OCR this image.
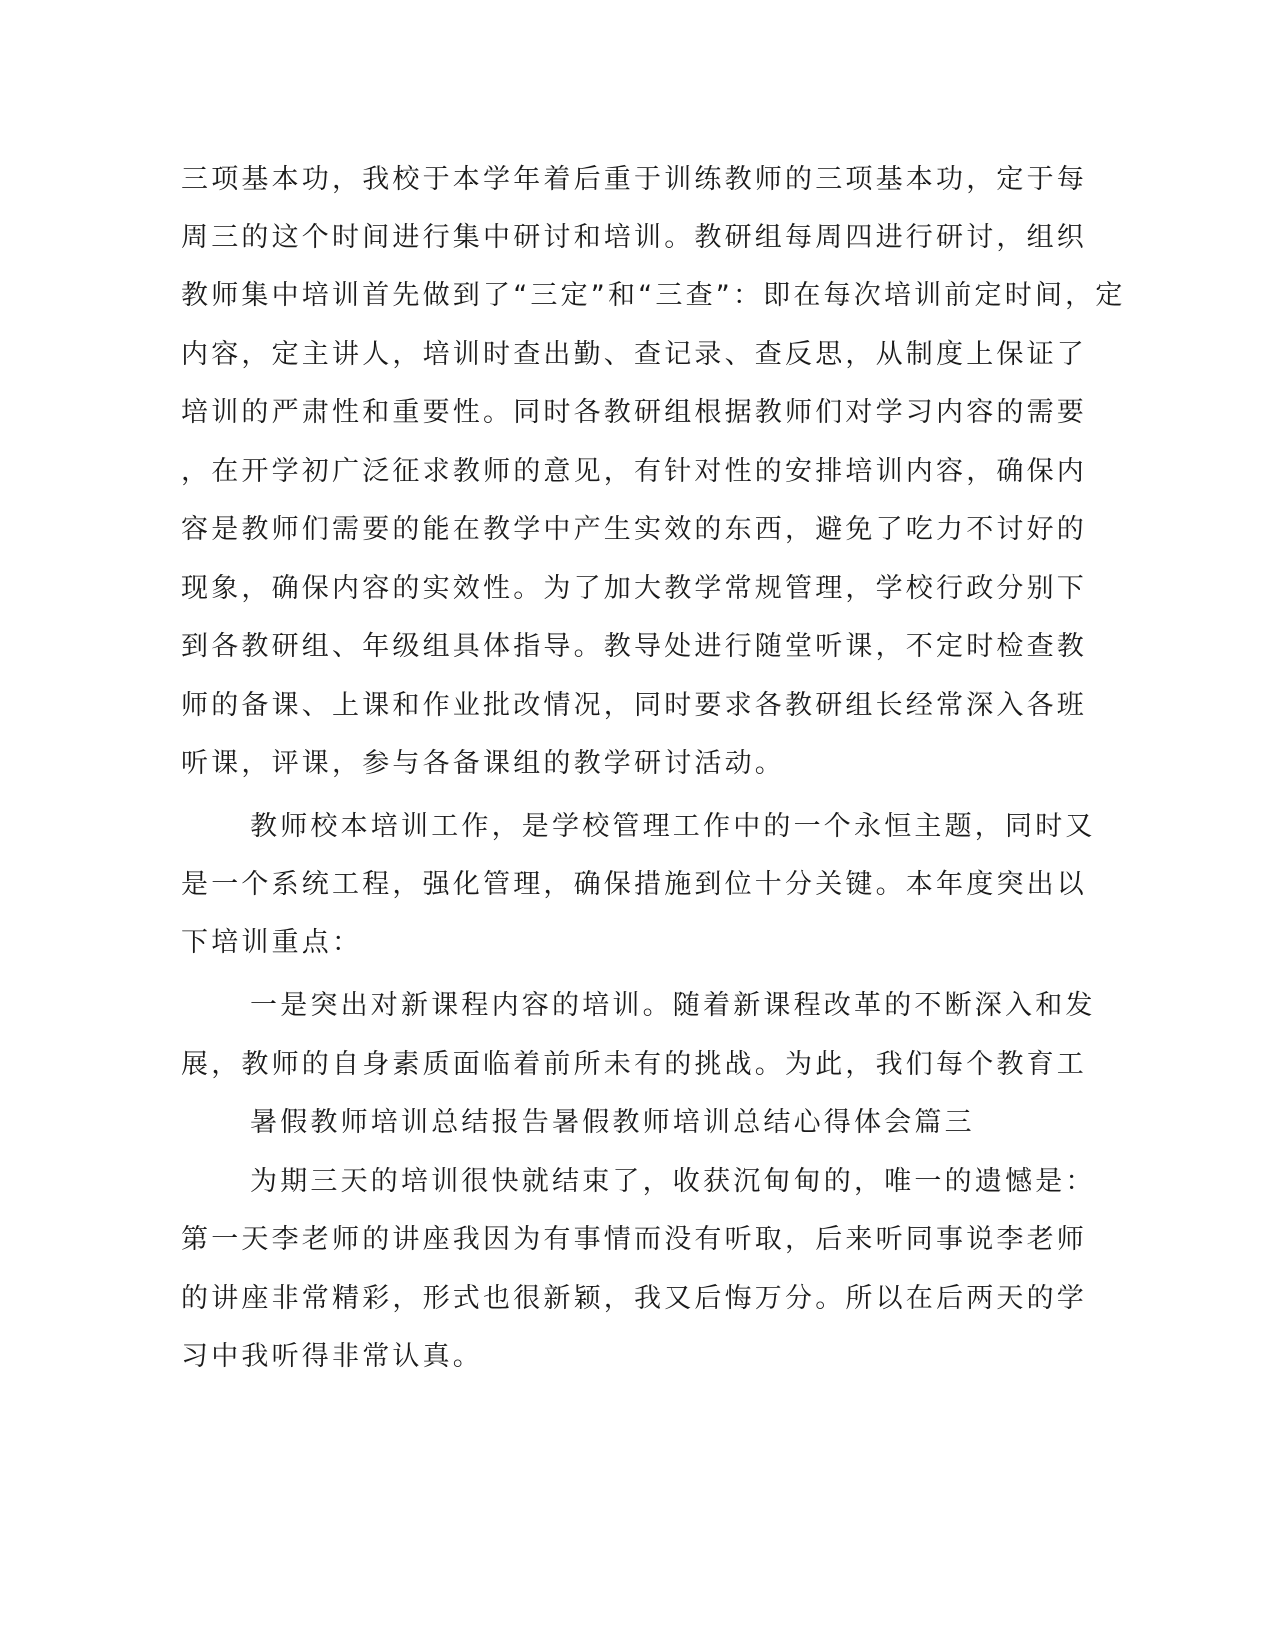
三项基本功，我校于本学年着后重于训练教师的三项基本功，定于每
周三的这个时间进行集中研讨和培训。教研组每周四进行研讨，组织
教师集中培训首先做到了“三定”和“三查”：即在每次培训前定时间，定
内容，定主讲人，培训时查出勤、查记录、查反思，从制度上保证了
培训的严肃性和重要性。同时各教研组根据教师们对学习内容的需要
，在开学初广泛征求教师的意见，有针对性的安排培训内容，确保内
容是教师们需要的能在教学中产生实效的东西，避免了吃力不讨好的
现象，确保内容的实效性。为了加大教学常规管理，学校行政分别下
到各教研组、年级组具体指导。教导处进行随堂听课，不定时检查教
师的备课、上课和作业批改情况，同时要求各教研组长经常深入各班
听课，评课，参与各备课组的教学研讨活动。
教师校本培训工作，是学校管理工作中的一个永恒主题，同时又
是一个系统工程，强化管理，确保措施到位十分关键。本年度突出以
下培训重点：
一是突出对新课程内容的培训。随着新课程改革的不断深入和发
展，教师的自身素质面临着前所未有的挑战。为此，我们每个教育工
暑假教师培训总结报告暑假教师培训总结心得体会篇三
为期三天的培训很快就结束了，收获沉甸甸的，唯一的遗憾是：
第一天李老师的讲座我因为有事情而没有听取，后来听同事说李老师
的讲座非常精彩，形式也很新颖，我又后悔万分。所以在后两天的学
习中我听得非常认真。
